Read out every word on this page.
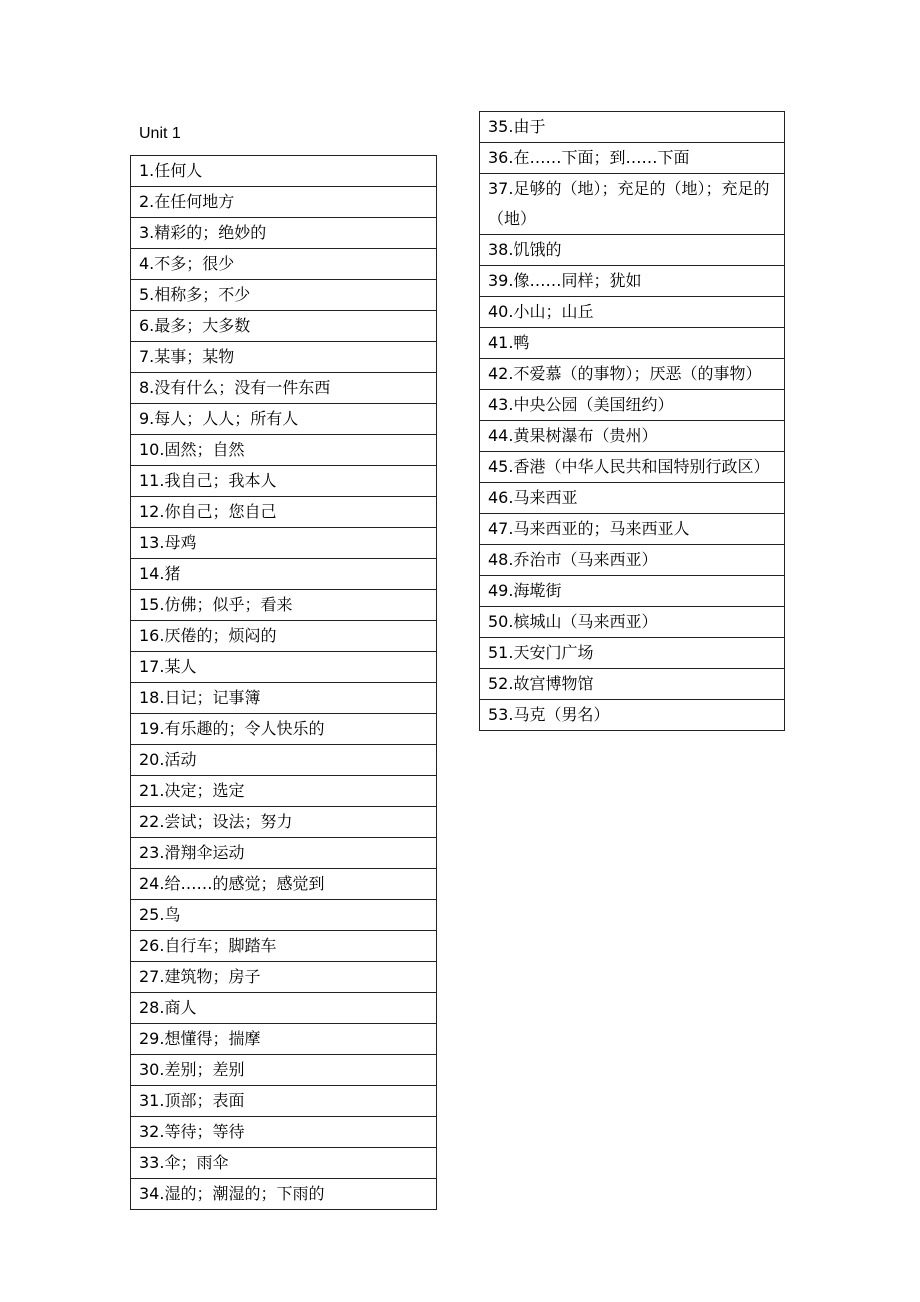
Unit 1
1.任何人
2.在任何地方
3.精彩的；绝妙的
4.不多；很少
5.相称多；不少
6.最多；大多数
7.某事；某物
8.没有什么；没有一件东西
9.每人；人人；所有人
10.固然；自然
11.我自己；我本人
12.你自己；您自己
13.母鸡
14.猪
15.仿佛；似乎；看来
16.厌倦的；烦闷的
17.某人
18.日记；记事簿
19.有乐趣的；令人快乐的
20.活动
21.决定；选定
22.尝试；设法；努力
23.滑翔伞运动
24.给……的感觉；感觉到
25.鸟
26.自行车；脚踏车
27.建筑物；房子
28.商人
29.想懂得；揣摩
30.差别；差别
31.顶部；表面
32.等待；等待
33.伞；雨伞
34.湿的；潮湿的；下雨的
35.由于
36.在……下面；到……下面
37.足够的（地）；充足的（地）；充足的（地）
38.饥饿的
39.像……同样；犹如
40.小山；山丘
41.鸭
42.不爱慕（的事物）；厌恶（的事物）
43.中央公园（美国纽约）
44.黄果树瀑布（贵州）
45.香港（中华人民共和国特别行政区）
46.马来西亚
47.马来西亚的；马来西亚人
48.乔治市（马来西亚）
49.海墘街
50.槟城山（马来西亚）
51.天安门广场
52.故宫博物馆
53.马克（男名）
